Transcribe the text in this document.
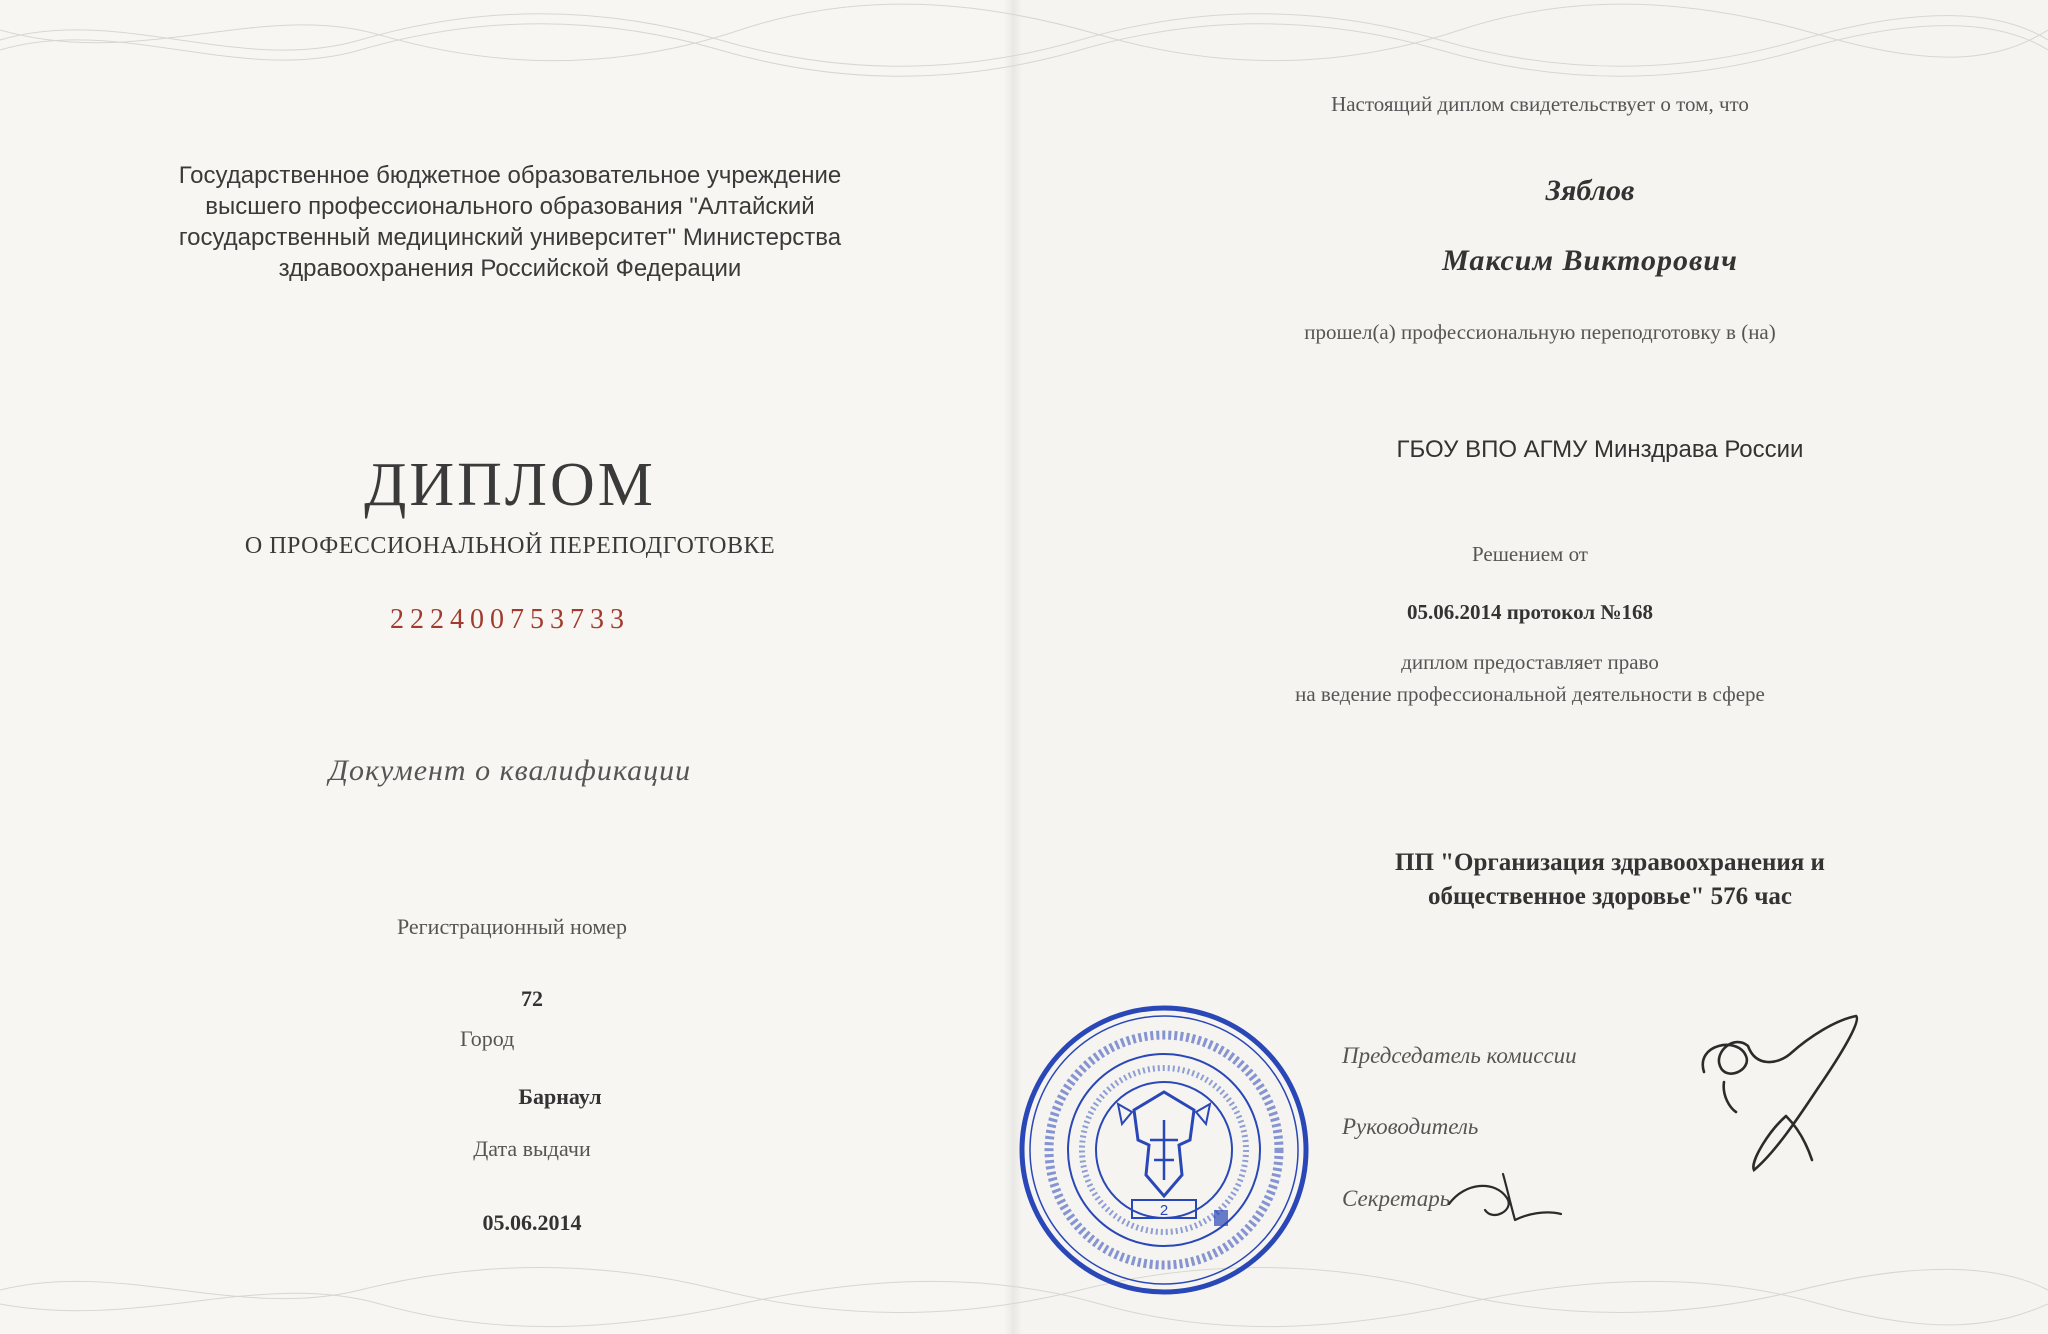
Государственное бюджетное образовательное учреждение высшего профессионального образования "Алтайский государственный медицинский университет" Министерства здравоохранения Российской Федерации
ДИПЛОМ
О ПРОФЕССИОНАЛЬНОЙ ПЕРЕПОДГОТОВКЕ
222400753733
Документ о квалификации
Регистрационный номер
72
Город
Барнаул
Дата выдачи
05.06.2014
Настоящий диплом свидетельствует о том, что
Зяблов
Максим Викторович
прошел(а) профессиональную переподготовку в (на)
ГБОУ ВПО АГМУ Минздрава России
Решением от
05.06.2014 протокол №168
диплом предоставляет право
на ведение профессиональной деятельности в сфере
ПП "Организация здравоохранения и
общественное здоровье" 576 час
Председатель комиссии
Руководитель
Секретарь
2
